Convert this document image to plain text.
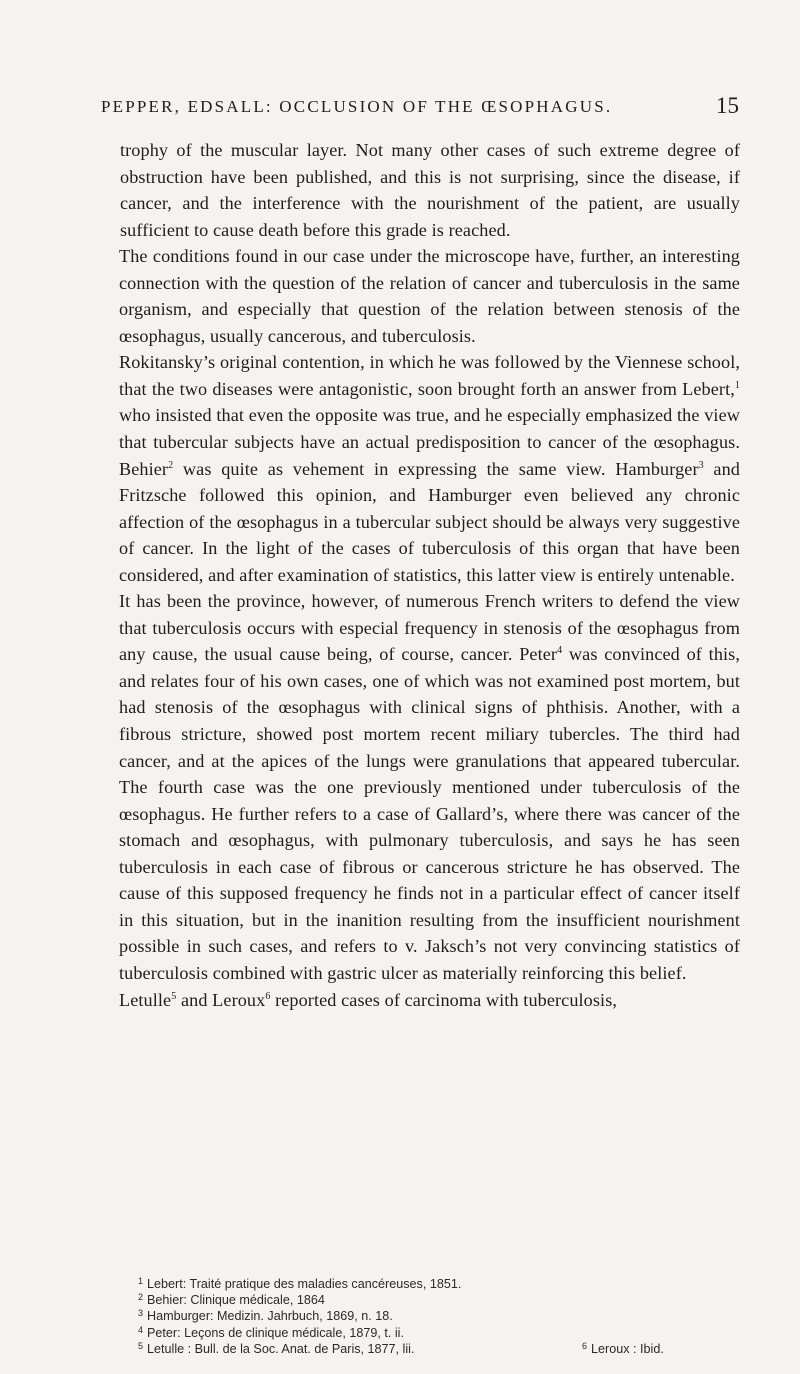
PEPPER, EDSALL: OCCLUSION OF THE ŒSOPHAGUS.	15

trophy of the muscular layer. Not many other cases of such extreme degree of obstruction have been published, and this is not surprising, since the disease, if cancer, and the interference with the nourishment of the patient, are usually sufficient to cause death before this grade is reached.

The conditions found in our case under the microscope have, further, an interesting connection with the question of the relation of cancer and tuberculosis in the same organism, and especially that question of the relation between stenosis of the œsophagus, usually cancerous, and tuberculosis.

Rokitansky’s original contention, in which he was followed by the Viennese school, that the two diseases were antagonistic, soon brought forth an answer from Lebert,$^1$ who insisted that even the opposite was true, and he especially emphasized the view that tubercular subjects have an actual predisposition to cancer of the œsophagus. Behier$^2$ was quite as vehement in expressing the same view. Hamburger$^3$ and Fritzsche followed this opinion, and Hamburger even believed any chronic affection of the œsophagus in a tubercular subject should be always very suggestive of cancer. In the light of the cases of tuberculosis of this organ that have been considered, and after examination of statistics, this latter view is entirely untenable.

It has been the province, however, of numerous French writers to defend the view that tuberculosis occurs with especial frequency in stenosis of the œsophagus from any cause, the usual cause being, of course, cancer. Peter$^4$ was convinced of this, and relates four of his own cases, one of which was not examined post mortem, but had stenosis of the œsophagus with clinical signs of phthisis. Another, with a fibrous stricture, showed post mortem recent miliary tubercles. The third had cancer, and at the apices of the lungs were granulations that appeared tubercular. The fourth case was the one previously mentioned under tuberculosis of the œsophagus. He further refers to a case of Gallard’s, where there was cancer of the stomach and œsophagus, with pulmonary tuberculosis, and says he has seen tuberculosis in each case of fibrous or cancerous stricture he has observed. The cause of this supposed frequency he finds not in a particular effect of cancer itself in this situation, but in the inanition resulting from the insufficient nourishment possible in such cases, and refers to v. Jaksch’s not very convincing statistics of tuberculosis combined with gastric ulcer as materially reinforcing this belief.

Letulle$^5$ and Leroux$^6$ reported cases of carcinoma with tuberculosis,

$^1$ Lebert: Traité pratique des maladies cancéreuses, 1851.
$^2$ Behier: Clinique médicale, 1864
$^3$ Hamburger: Medizin. Jahrbuch, 1869, n. 18.
$^4$ Peter: Leçons de clinique médicale, 1879, t. ii.
$^5$ Letulle : Bull. de la Soc. Anat. de Paris, 1877, lii.	$^6$ Leroux : Ibid.
